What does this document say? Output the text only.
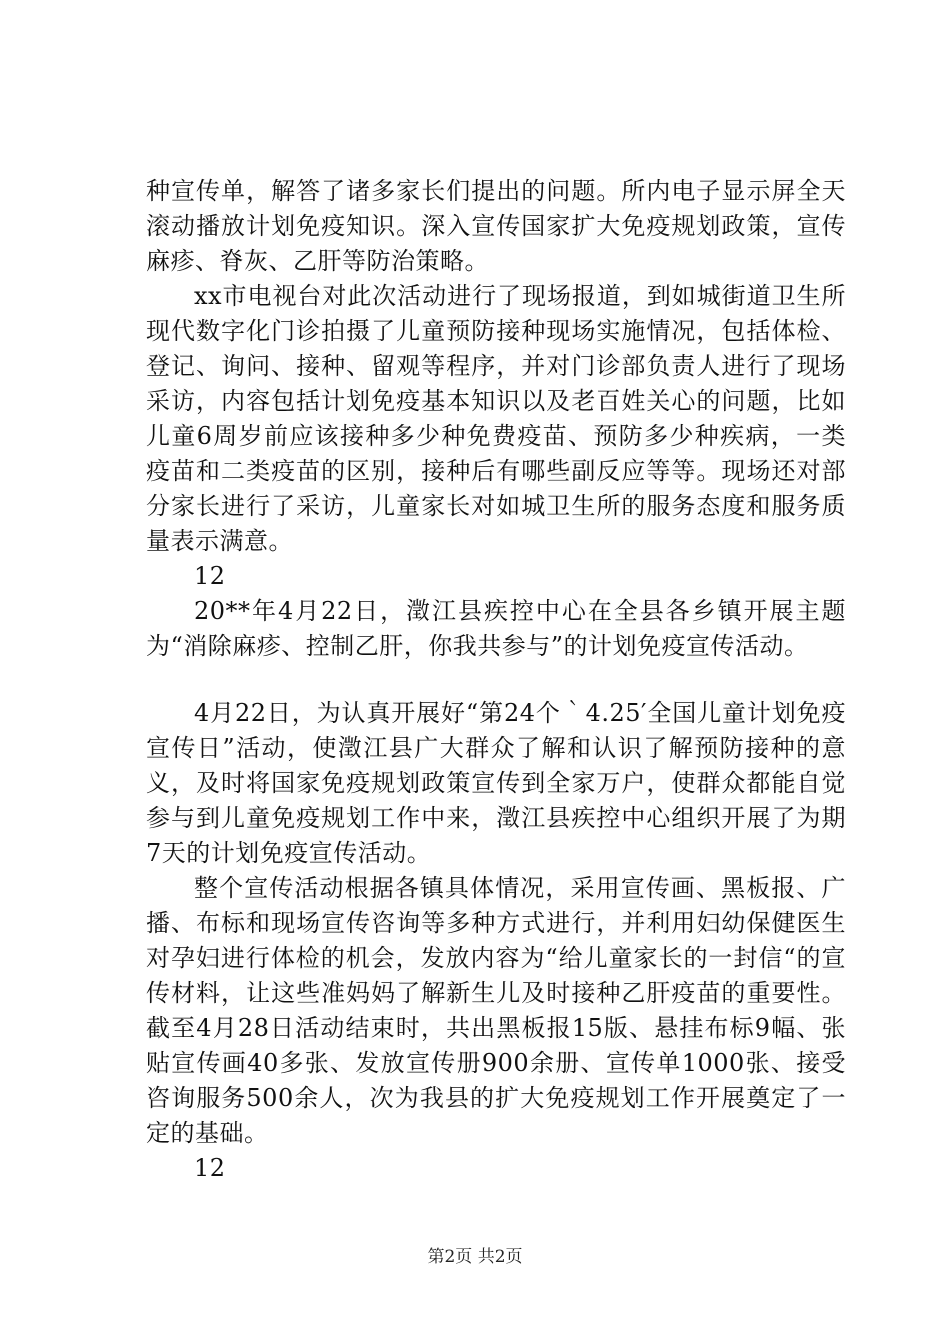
种宣传单，解答了诸多家长们提出的问题。所内电子显示屏全天滚动播放计划免疫知识。深入宣传国家扩大免疫规划政策，宣传麻疹、脊灰、乙肝等防治策略。

xx市电视台对此次活动进行了现场报道，到如城街道卫生所现代数字化门诊拍摄了儿童预防接种现场实施情况，包括体检、登记、询问、接种、留观等程序，并对门诊部负责人进行了现场采访，内容包括计划免疫基本知识以及老百姓关心的问题，比如儿童6周岁前应该接种多少种免费疫苗、预防多少种疾病，一类疫苗和二类疫苗的区别，接种后有哪些副反应等等。现场还对部分家长进行了采访，儿童家长对如城卫生所的服务态度和服务质量表示满意。

12

20**年4月22日，澂江县疾控中心在全县各乡镇开展主题为“消除麻疹、控制乙肝，你我共参与”的计划免疫宣传活动。

4月22日，为认真开展好“第24个｀4.25′全国儿童计划免疫宣传日”活动，使澂江县广大群众了解和认识了解预防接种的意义，及时将国家免疫规划政策宣传到全家万户，使群众都能自觉参与到儿童免疫规划工作中来，澂江县疾控中心组织开展了为期7天的计划免疫宣传活动。

整个宣传活动根据各镇具体情况，采用宣传画、黑板报、广播、布标和现场宣传咨询等多种方式进行，并利用妇幼保健医生对孕妇进行体检的机会，发放内容为“给儿童家长的一封信“的宣传材料，让这些准妈妈了解新生儿及时接种乙肝疫苗的重要性。截至4月28日活动结束时，共出黑板报15版、悬挂布标9幅、张贴宣传画40多张、发放宣传册900余册、宣传单1000张、接受咨询服务500余人，次为我县的扩大免疫规划工作开展奠定了一定的基础。

12

第2页 共2页
